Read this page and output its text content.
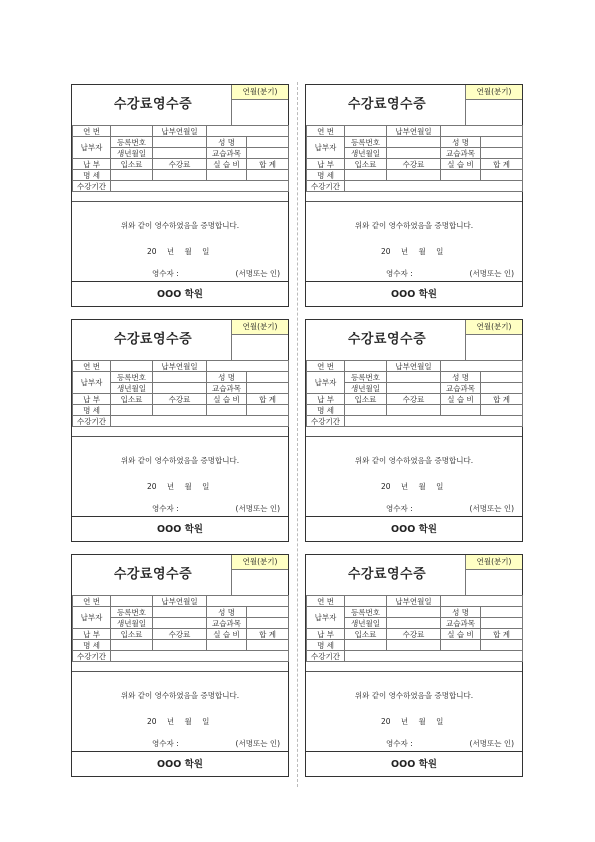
수강료영수증
연월(분기)
연 번		납부연월일		
납부자	등록번호		성 명	
	생년월일		교습과목	
납 부	입소료	수강료	실 습 비	합 계
명 세				
수강기간				
위와 같이 영수하였음을 증명합니다.
20 년 월 일
영수자 :	(서명또는 인)
OOO 학원
수강료영수증
연월(분기)
연 번		납부연월일		
납부자	등록번호		성 명	
	생년월일		교습과목	
납 부	입소료	수강료	실 습 비	합 계
명 세				
수강기간				
위와 같이 영수하였음을 증명합니다.
20 년 월 일
영수자 :	(서명또는 인)
OOO 학원
수강료영수증
연월(분기)
연 번		납부연월일		
납부자	등록번호		성 명	
	생년월일		교습과목	
납 부	입소료	수강료	실 습 비	합 계
명 세				
수강기간				
위와 같이 영수하였음을 증명합니다.
20 년 월 일
영수자 :	(서명또는 인)
OOO 학원
수강료영수증
연월(분기)
연 번		납부연월일		
납부자	등록번호		성 명	
	생년월일		교습과목	
납 부	입소료	수강료	실 습 비	합 계
명 세				
수강기간				
위와 같이 영수하였음을 증명합니다.
20 년 월 일
영수자 :	(서명또는 인)
OOO 학원
수강료영수증
연월(분기)
연 번		납부연월일		
납부자	등록번호		성 명	
	생년월일		교습과목	
납 부	입소료	수강료	실 습 비	합 계
명 세				
수강기간				
위와 같이 영수하였음을 증명합니다.
20 년 월 일
영수자 :	(서명또는 인)
OOO 학원
수강료영수증
연월(분기)
연 번		납부연월일		
납부자	등록번호		성 명	
	생년월일		교습과목	
납 부	입소료	수강료	실 습 비	합 계
명 세				
수강기간				
위와 같이 영수하였음을 증명합니다.
20 년 월 일
영수자 :	(서명또는 인)
OOO 학원
